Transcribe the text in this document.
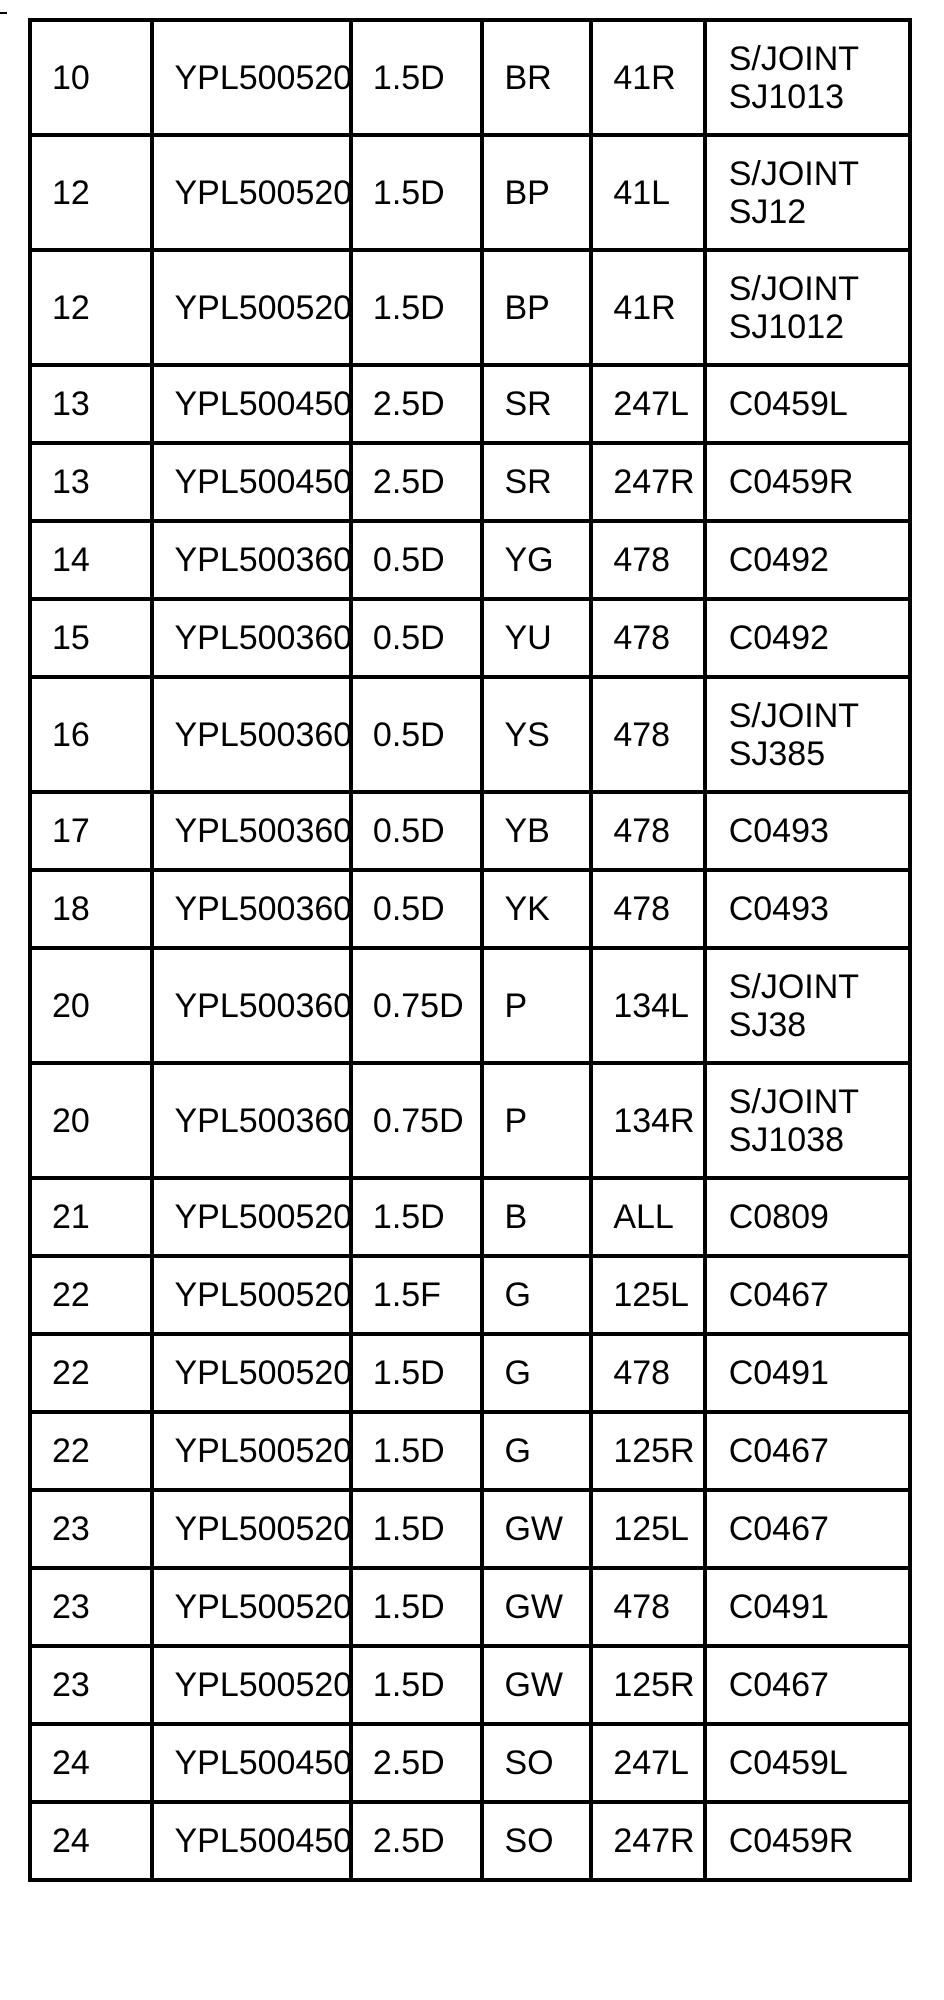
10	YPL500520	1.5D	BR	41R	S/JOINT
SJ1013

12	YPL500520	1.5D	BP	41L	S/JOINT
SJ12

12	YPL500520	1.5D	BP	41R	S/JOINT
SJ1012

13	YPL500450	2.5D	SR	247L	C0459L

13	YPL500450	2.5D	SR	247R	C0459R

14	YPL500360	0.5D	YG	478	C0492

15	YPL500360	0.5D	YU	478	C0492

16	YPL500360	0.5D	YS	478	S/JOINT
SJ385

17	YPL500360	0.5D	YB	478	C0493

18	YPL500360	0.5D	YK	478	C0493

20	YPL500360	0.75D	P	134L	S/JOINT
SJ38

20	YPL500360	0.75D	P	134R	S/JOINT
SJ1038

21	YPL500520	1.5D	B	ALL	C0809

22	YPL500520	1.5F	G	125L	C0467

22	YPL500520	1.5D	G	478	C0491

22	YPL500520	1.5D	G	125R	C0467

23	YPL500520	1.5D	GW	125L	C0467

23	YPL500520	1.5D	GW	478	C0491

23	YPL500520	1.5D	GW	125R	C0467

24	YPL500450	2.5D	SO	247L	C0459L

24	YPL500450	2.5D	SO	247R	C0459R
